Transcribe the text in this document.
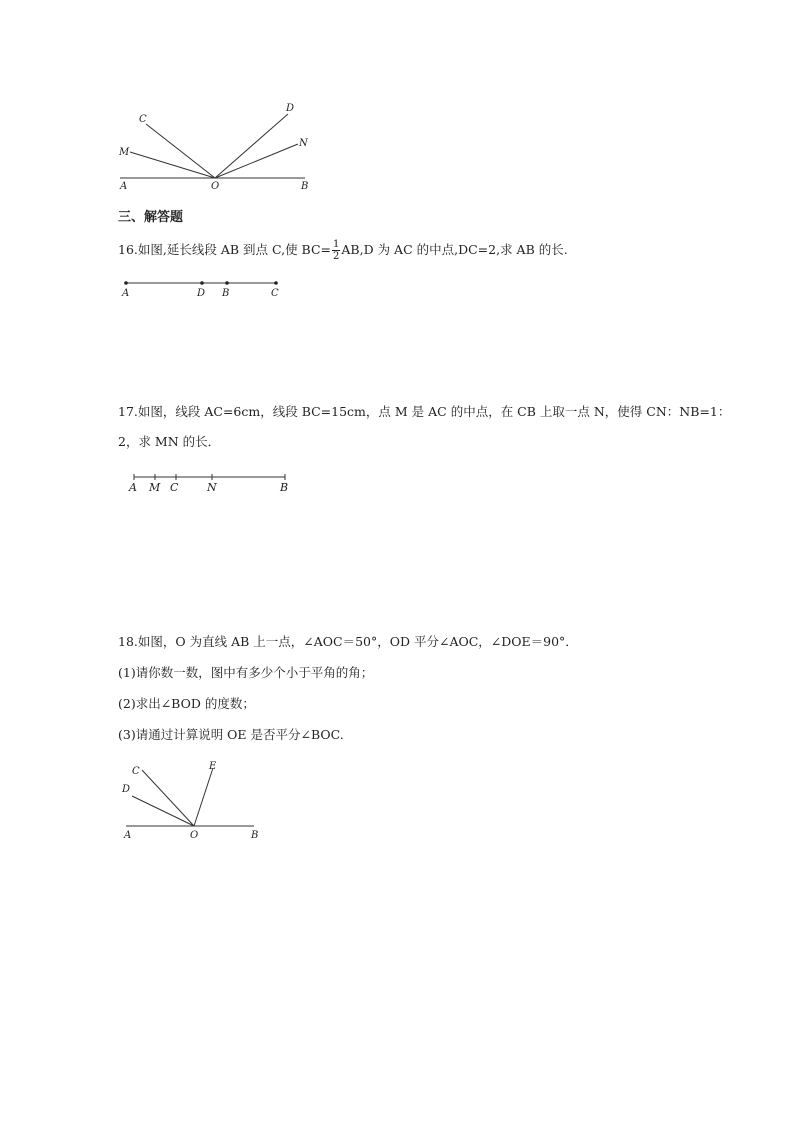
A	O	B
C
M
D
N
三、解答题
16.如图,延长线段 AB 到点 C,使 $BC= \frac{1}{2} AB,D$ 为 AC 的中点,DC=2,求 AB 的长.
A	D B	C
17.如图，线段 AC=6cm，线段 BC=15cm，点 M 是 AC 的中点，在 CB 上取一点 N，使得 CN：NB=1：
2，求 MN 的长．
A M C	N	B
18.如图，O 为直线 AB 上一点，∠AOC＝50°，OD 平分∠AOC，∠DOE＝90°．
(1)请你数一数，图中有多少个小于平角的角；
(2)求出∠BOD 的度数；
(3)请通过计算说明 OE 是否平分∠BOC.
C	E
D
A	O	B
